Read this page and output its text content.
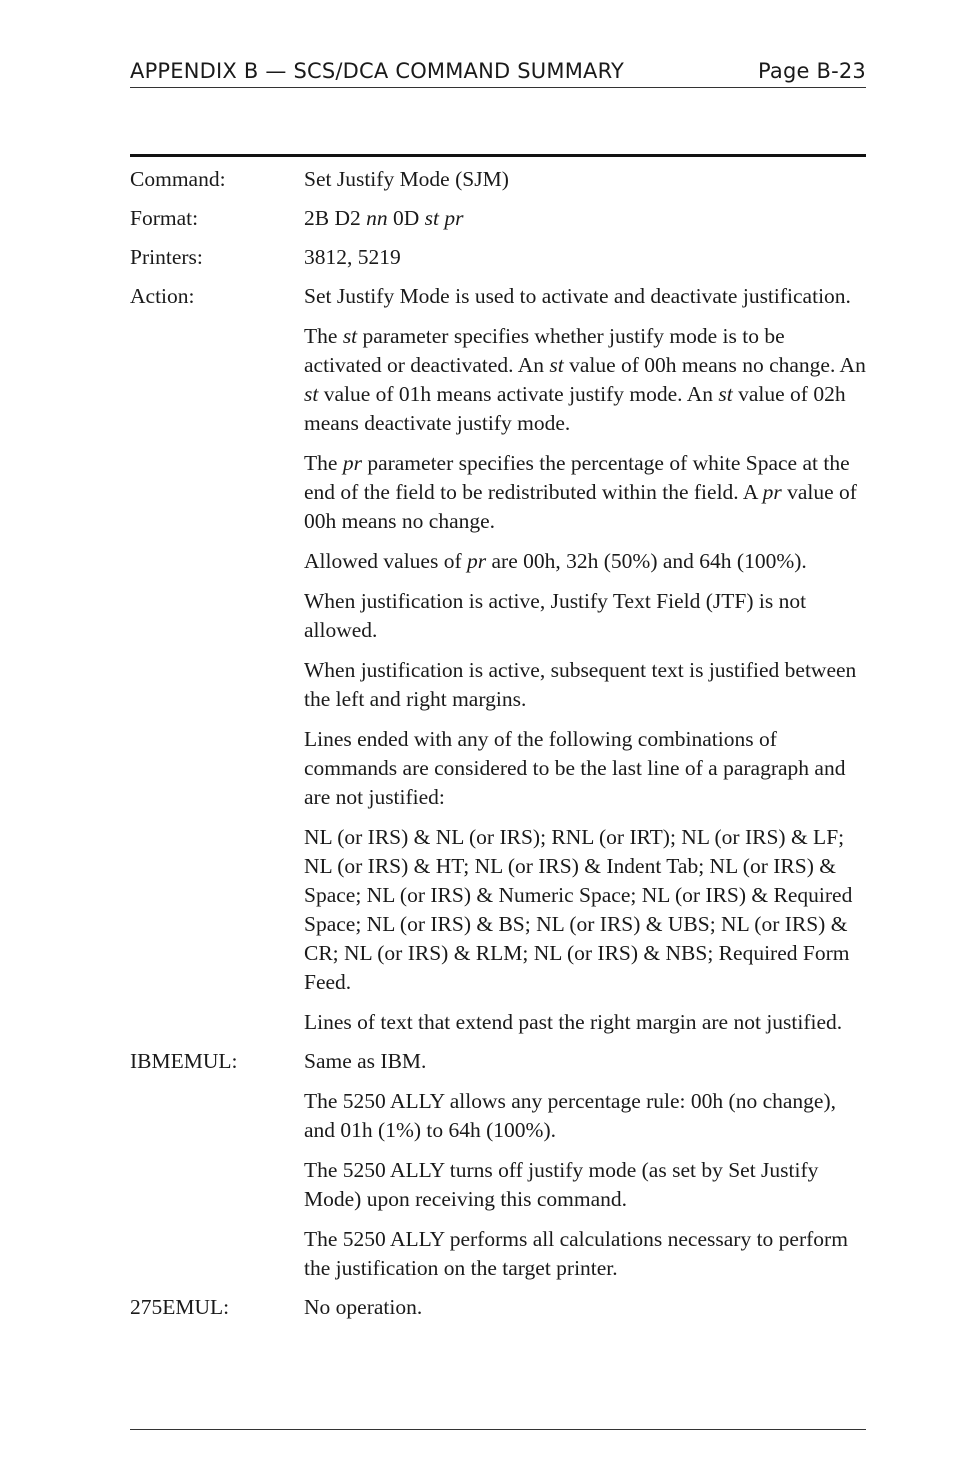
APPENDIX B — SCS/DCA COMMAND SUMMARY	Page B-23
Command:	Set Justify Mode (SJM)

Format:	2B D2 nn 0D st pr

Printers:	3812, 5219

Action:	Set Justify Mode is used to activate and deactivate justification.

The st parameter specifies whether justify mode is to be activated or deactivated. An st value of 00h means no change. An st value of 01h means activate justify mode. An st value of 02h means deactivate justify mode.

The pr parameter specifies the percentage of white Space at the end of the field to be redistributed within the field. A pr value of 00h means no change.

Allowed values of pr are 00h, 32h (50%) and 64h (100%).

When justification is active, Justify Text Field (JTF) is not allowed.

When justification is active, subsequent text is justified between the left and right margins.

Lines ended with any of the following combinations of commands are considered to be the last line of a paragraph and are not justified:

NL (or IRS) & NL (or IRS); RNL (or IRT); NL (or IRS) & LF; NL (or IRS) & HT; NL (or IRS) & Indent Tab; NL (or IRS) & Space; NL (or IRS) & Numeric Space; NL (or IRS) & Required Space; NL (or IRS) & BS; NL (or IRS) & UBS; NL (or IRS) & CR; NL (or IRS) & RLM; NL (or IRS) & NBS; Required Form Feed.

Lines of text that extend past the right margin are not justified.

IBMEMUL:	Same as IBM.

The 5250 ALLY allows any percentage rule: 00h (no change), and 01h (1%) to 64h (100%).

The 5250 ALLY turns off justify mode (as set by Set Justify Mode) upon receiving this command.

The 5250 ALLY performs all calculations necessary to perform the justification on the target printer.

275EMUL:	No operation.
